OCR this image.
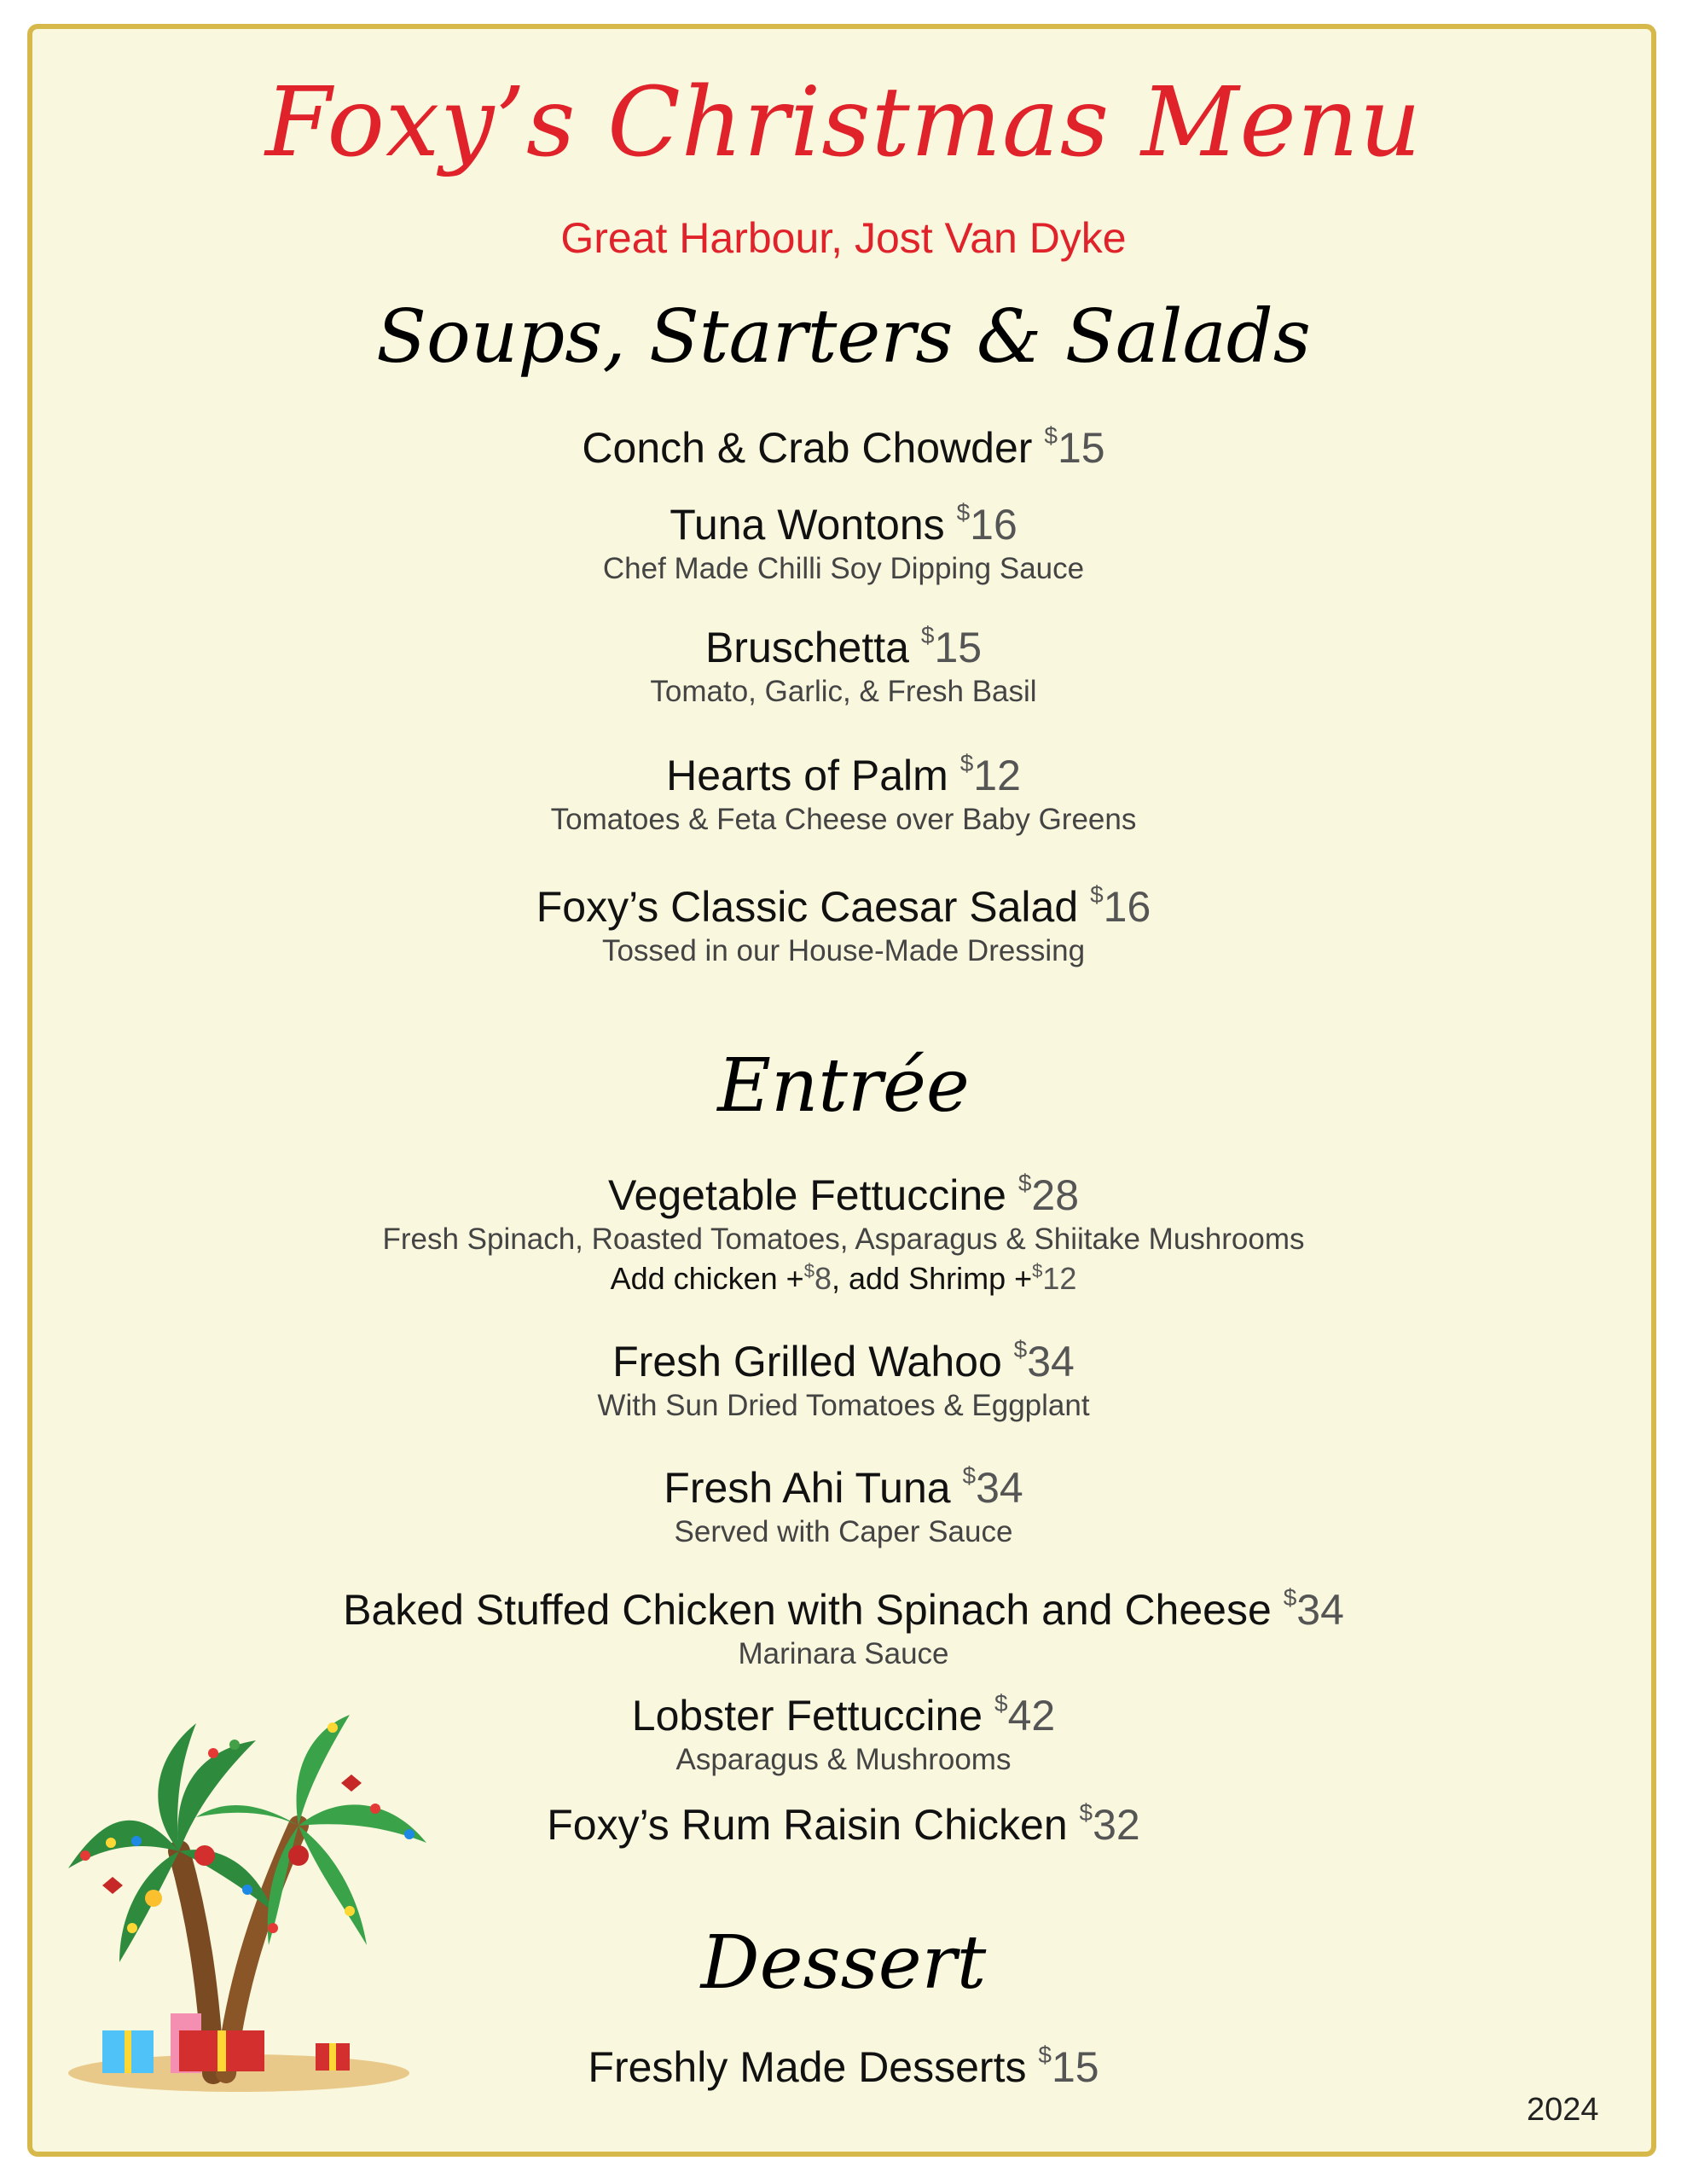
Foxy’s Christmas Menu
Great Harbour, Jost Van Dyke
Soups, Starters & Salads
Conch & Crab Chowder $15
Tuna Wontons $16
Chef Made Chilli Soy Dipping Sauce
Bruschetta $15
Tomato, Garlic, & Fresh Basil
Hearts of Palm $12
Tomatoes & Feta Cheese over Baby Greens
Foxy’s Classic Caesar Salad $16
Tossed in our House-Made Dressing
Entrée
Vegetable Fettuccine $28
Fresh Spinach, Roasted Tomatoes, Asparagus & Shiitake Mushrooms
Add chicken +$8, add Shrimp +$12
Fresh Grilled Wahoo $34
With Sun Dried Tomatoes & Eggplant
Fresh Ahi Tuna $34
Served with Caper Sauce
Baked Stuffed Chicken with Spinach and Cheese $34
Marinara Sauce
Lobster Fettuccine $42
Asparagus & Mushrooms
Foxy’s Rum Raisin Chicken $32
Dessert
Freshly Made Desserts $15
2024
